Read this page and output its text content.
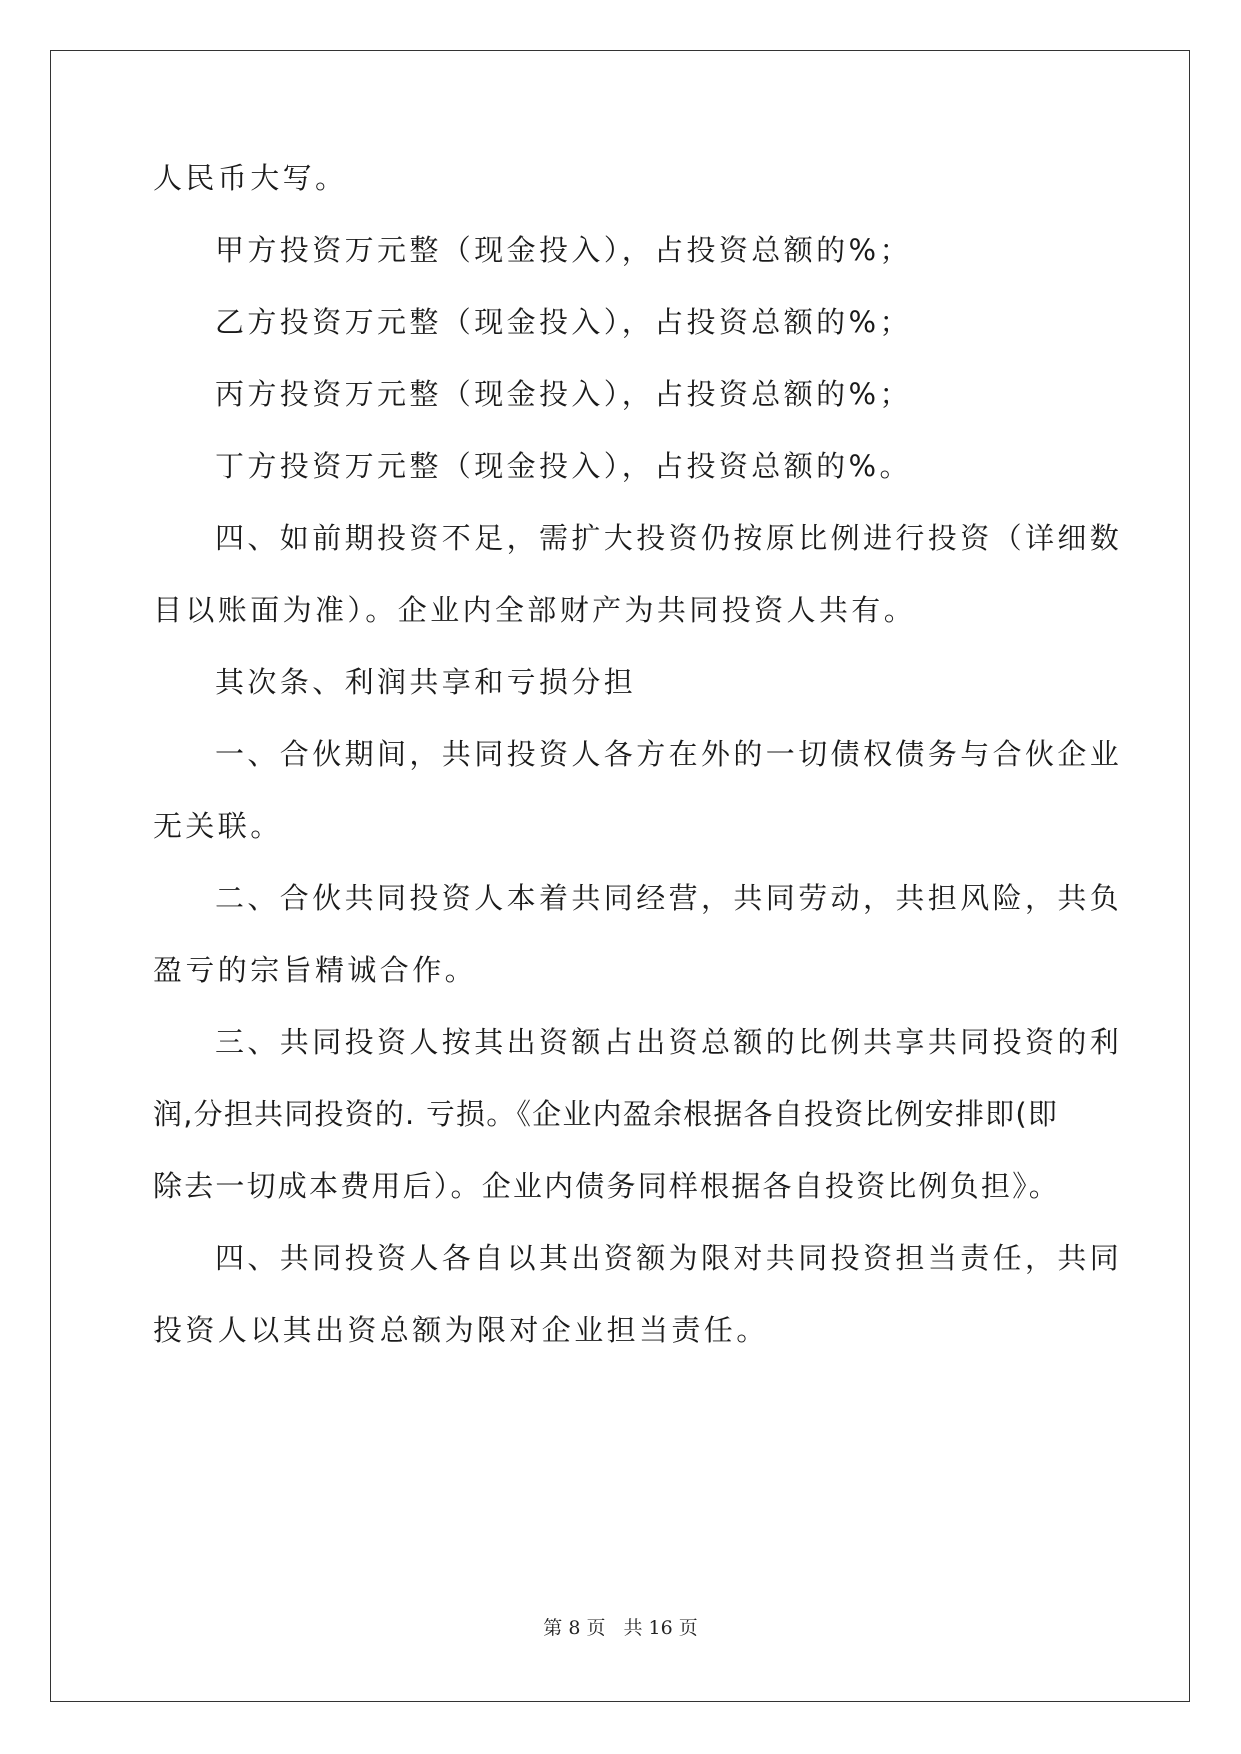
人民币大写。
甲方投资万元整（现金投入），占投资总额的%；
乙方投资万元整（现金投入），占投资总额的%；
丙方投资万元整（现金投入），占投资总额的%；
丁方投资万元整（现金投入），占投资总额的%。
四、如前期投资不足，需扩大投资仍按原比例进行投资（详细数
目以账面为准）。企业内全部财产为共同投资人共有。
其次条、利润共享和亏损分担
一、合伙期间，共同投资人各方在外的一切债权债务与合伙企业
无关联。
二、合伙共同投资人本着共同经营，共同劳动，共担风险，共负
盈亏的宗旨精诚合作。
三、共同投资人按其出资额占出资总额的比例共享共同投资的利
润,分担共同投资的. 亏损。《企业内盈余根据各自投资比例安排即(即
除去一切成本费用后）。企业内债务同样根据各自投资比例负担》。
四、共同投资人各自以其出资额为限对共同投资担当责任，共同
投资人以其出资总额为限对企业担当责任。
第 8 页 共 16 页
